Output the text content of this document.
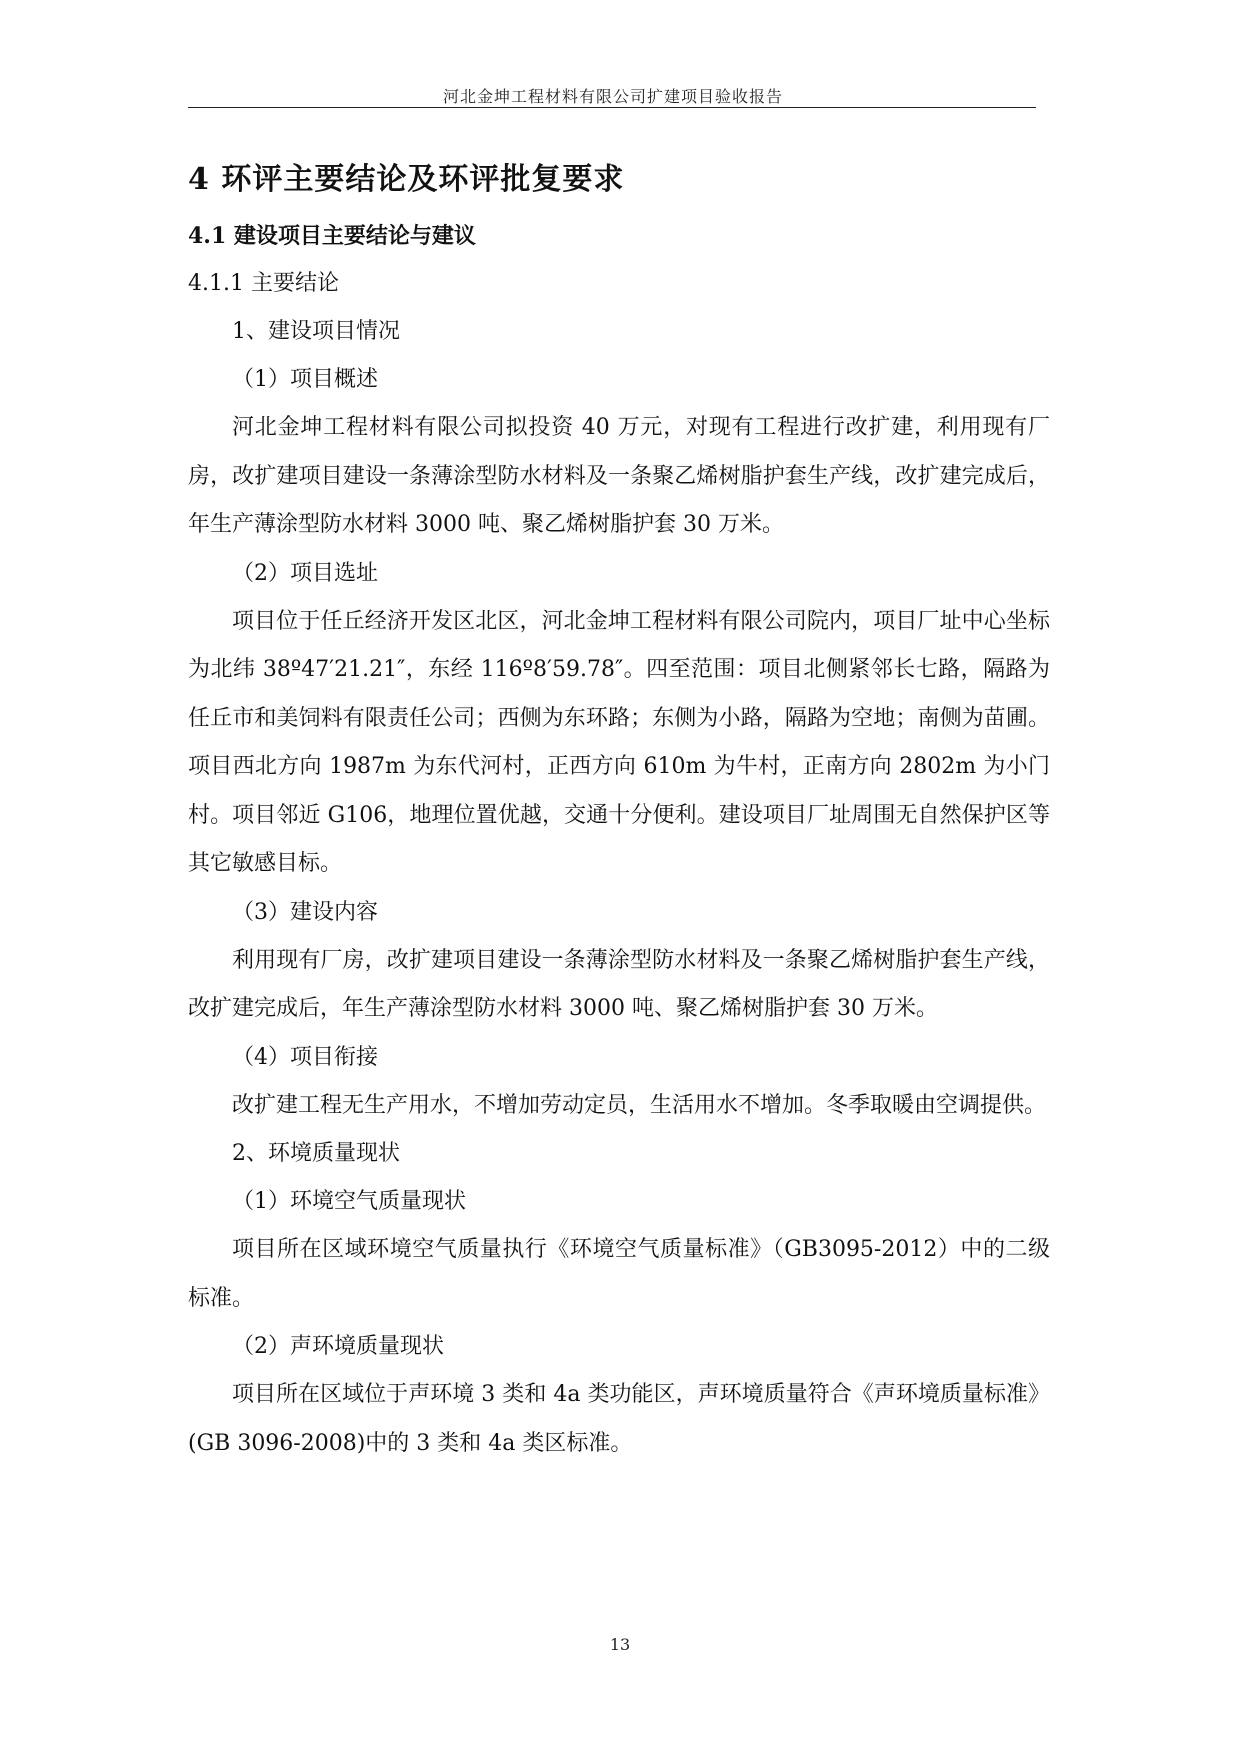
河北金坤工程材料有限公司扩建项目验收报告
4 环评主要结论及环评批复要求
4.1 建设项目主要结论与建议
4.1.1 主要结论
1、建设项目情况
（1）项目概述
河北金坤工程材料有限公司拟投资 40 万元，对现有工程进行改扩建，利用现有厂房，改扩建项目建设一条薄涂型防水材料及一条聚乙烯树脂护套生产线，改扩建完成后，年生产薄涂型防水材料 3000 吨、聚乙烯树脂护套 30 万米。
（2）项目选址
项目位于任丘经济开发区北区，河北金坤工程材料有限公司院内，项目厂址中心坐标为北纬 38º47′21.21″，东经 116º8′59.78″。四至范围：项目北侧紧邻长七路，隔路为任丘市和美饲料有限责任公司；西侧为东环路；东侧为小路，隔路为空地；南侧为苗圃。项目西北方向 1987m 为东代河村，正西方向 610m 为牛村，正南方向 2802m 为小门村。项目邻近 G106，地理位置优越，交通十分便利。建设项目厂址周围无自然保护区等其它敏感目标。
（3）建设内容
利用现有厂房，改扩建项目建设一条薄涂型防水材料及一条聚乙烯树脂护套生产线，改扩建完成后，年生产薄涂型防水材料 3000 吨、聚乙烯树脂护套 30 万米。
（4）项目衔接
改扩建工程无生产用水，不增加劳动定员，生活用水不增加。冬季取暖由空调提供。
2、环境质量现状
（1）环境空气质量现状
项目所在区域环境空气质量执行《环境空气质量标准》（GB3095-2012）中的二级标准。
（2）声环境质量现状
项目所在区域位于声环境 3 类和 4a 类功能区，声环境质量符合《声环境质量标准》(GB 3096-2008)中的 3 类和 4a 类区标准。
13
